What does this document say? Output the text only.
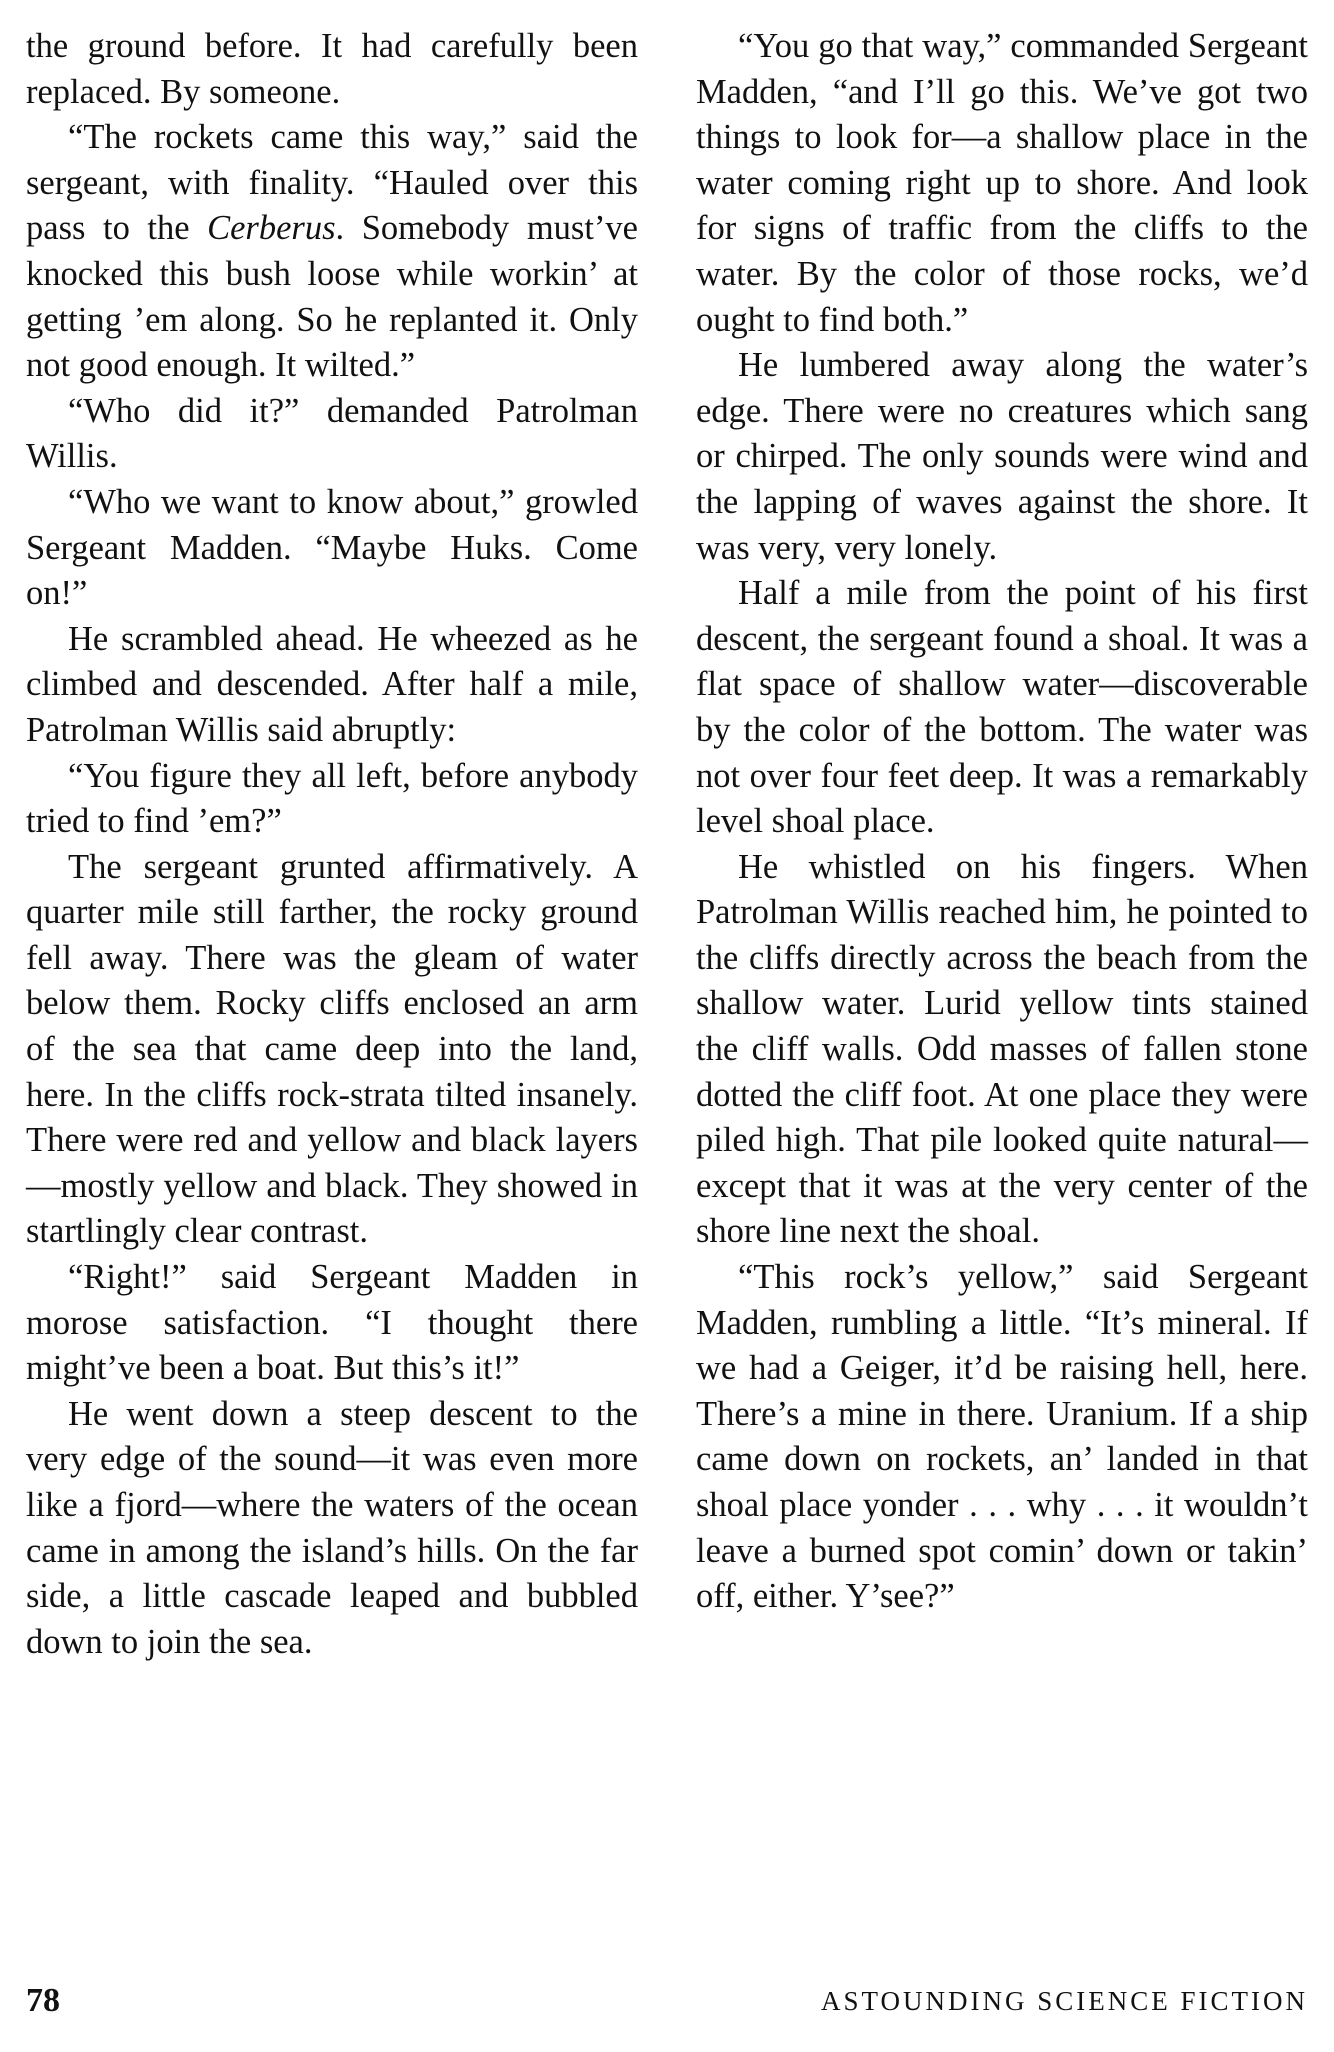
the ground before. It had carefully been replaced. By someone.

“The rockets came this way,” said the sergeant, with finality. “Hauled over this pass to the Cerberus. Somebody must’ve knocked this bush loose while workin’ at getting ’em along. So he replanted it. Only not good enough. It wilted.”

“Who did it?” demanded Patrolman Willis.

“Who we want to know about,” growled Sergeant Madden. “Maybe Huks. Come on!”

He scrambled ahead. He wheezed as he climbed and descended. After half a mile, Patrolman Willis said abruptly:

“You figure they all left, before anybody tried to find ’em?”

The sergeant grunted affirmatively. A quarter mile still farther, the rocky ground fell away. There was the gleam of water below them. Rocky cliffs enclosed an arm of the sea that came deep into the land, here. In the cliffs rock-strata tilted insanely. There were red and yellow and black layers—mostly yellow and black. They showed in startlingly clear contrast.

“Right!” said Sergeant Madden in morose satisfaction. “I thought there might’ve been a boat. But this’s it!”

He went down a steep descent to the very edge of the sound—it was even more like a fjord—where the waters of the ocean came in among the island’s hills. On the far side, a little cascade leaped and bubbled down to join the sea.

“You go that way,” commanded Sergeant Madden, “and I’ll go this. We’ve got two things to look for—a shallow place in the water coming right up to shore. And look for signs of traffic from the cliffs to the water. By the color of those rocks, we’d ought to find both.”

He lumbered away along the water’s edge. There were no creatures which sang or chirped. The only sounds were wind and the lapping of waves against the shore. It was very, very lonely.

Half a mile from the point of his first descent, the sergeant found a shoal. It was a flat space of shallow water—discoverable by the color of the bottom. The water was not over four feet deep. It was a remarkably level shoal place.

He whistled on his fingers. When Patrolman Willis reached him, he pointed to the cliffs directly across the beach from the shallow water. Lurid yellow tints stained the cliff walls. Odd masses of fallen stone dotted the cliff foot. At one place they were piled high. That pile looked quite natural—except that it was at the very center of the shore line next the shoal.

“This rock’s yellow,” said Sergeant Madden, rumbling a little. “It’s mineral. If we had a Geiger, it’d be raising hell, here. There’s a mine in there. Uranium. If a ship came down on rockets, an’ landed in that shoal place yonder . . . why . . . it wouldn’t leave a burned spot comin’ down or takin’ off, either. Y’see?”

78	ASTOUNDING SCIENCE FICTION
